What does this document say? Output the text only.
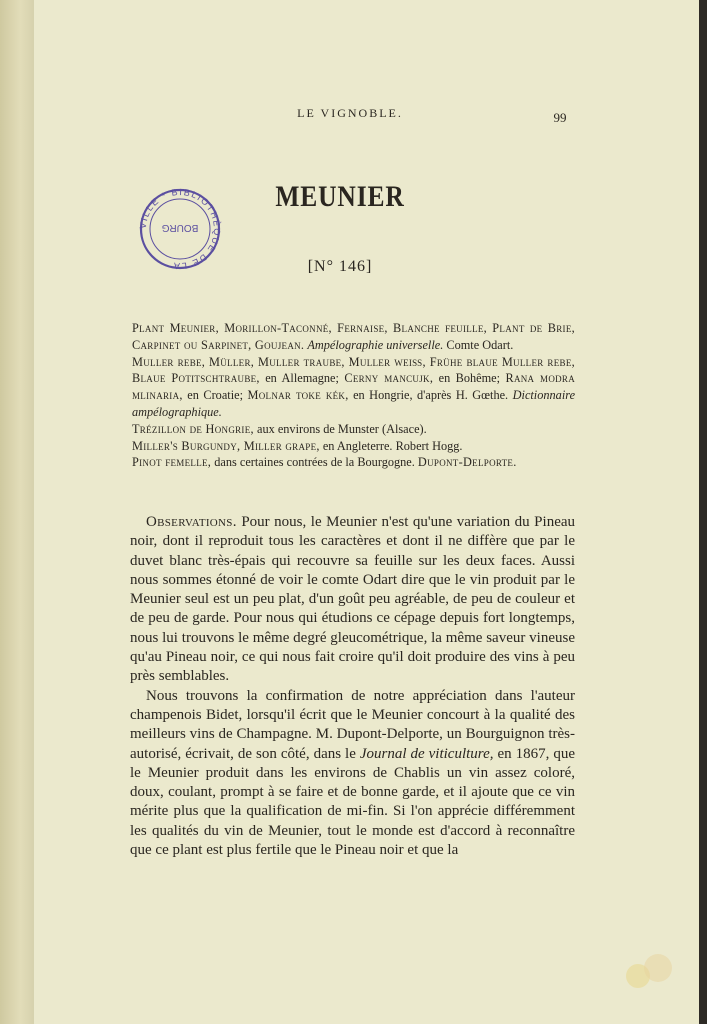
LE VIGNOBLE.	99
VILLE * BIBLIOTHÈQUE DE LA
BOURG
MEUNIER
[N° 146]

Plant Meunier, Morillon-Taconné, Fernaise, Blanche feuille, Plant de Brie, Carpinet ou Sarpinet, Goujean. Ampélographie universelle. Comte Odart.

Muller rebe, Müller, Muller traube, Muller weiß, Frühe blaue Muller rebe, Blaue Potitschtraube, en Allemagne; Cerny mancujk, en Bohême; Rana modra mlinaria, en Croatie; Molnar toke kék, en Hongrie, d'après H. Gœthe. Dictionnaire ampélographique.

Trézillon de Hongrie, aux environs de Munster (Alsace).

Miller's Burgundy, Miller grape, en Angleterre. Robert Hogg.

Pinot femelle, dans certaines contrées de la Bourgogne. Dupont-Delporte.

Observations. Pour nous, le Meunier n'est qu'une variation du Pineau noir, dont il reproduit tous les caractères et dont il ne diffère que par le duvet blanc très-épais qui recouvre sa feuille sur les deux faces. Aussi nous sommes étonné de voir le comte Odart dire que le vin produit par le Meunier seul est un peu plat, d'un goût peu agréable, de peu de couleur et de peu de garde. Pour nous qui étudions ce cépage depuis fort longtemps, nous lui trouvons le même degré gleucométrique, la même saveur vineuse qu'au Pineau noir, ce qui nous fait croire qu'il doit produire des vins à peu près semblables.

Nous trouvons la confirmation de notre appréciation dans l'auteur champenois Bidet, lorsqu'il écrit que le Meunier concourt à la qualité des meilleurs vins de Champagne. M. Dupont-Delporte, un Bourguignon très-autorisé, écrivait, de son côté, dans le Journal de viticulture, en 1867, que le Meunier produit dans les environs de Chablis un vin assez coloré, doux, coulant, prompt à se faire et de bonne garde, et il ajoute que ce vin mérite plus que la qualification de mi-fin. Si l'on apprécie différemment les qualités du vin de Meunier, tout le monde est d'accord à reconnaître que ce plant est plus fertile que le Pineau noir et que la
